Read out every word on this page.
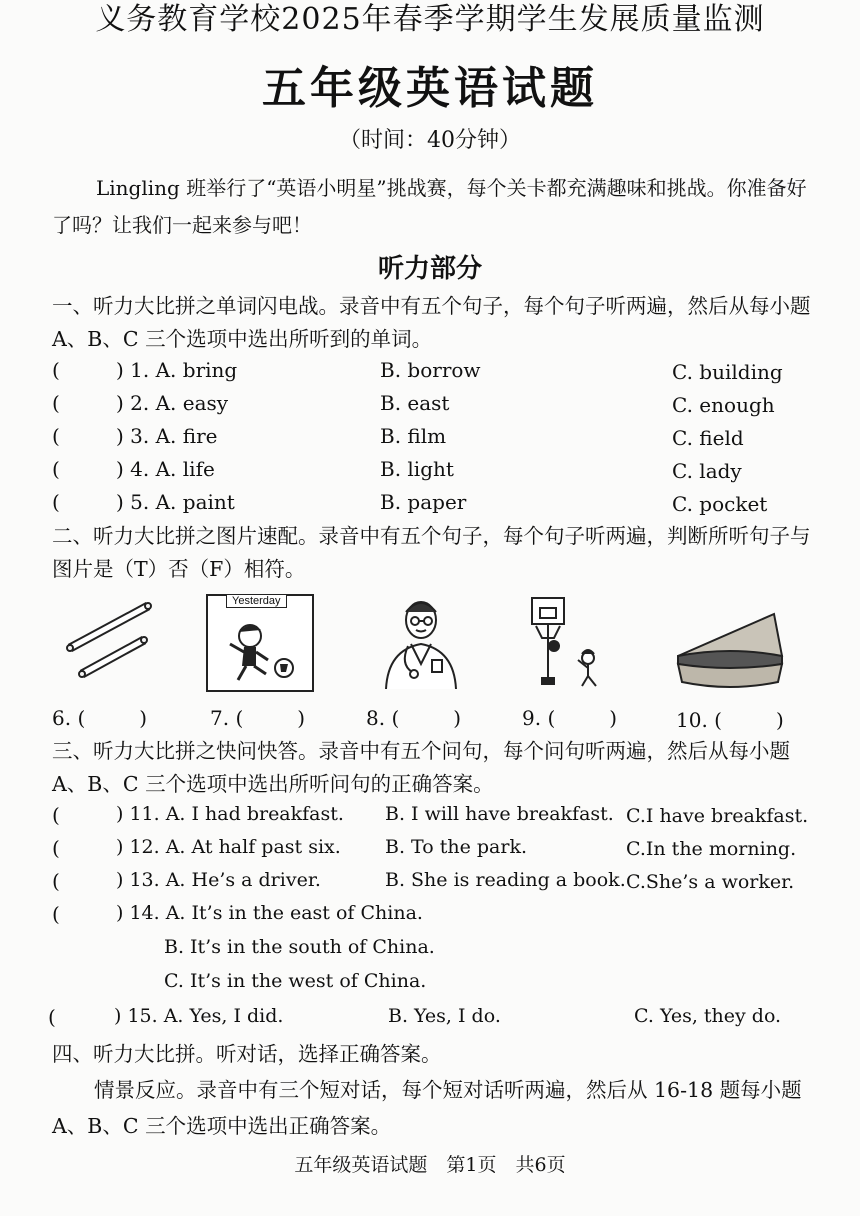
义务教育学校2025年春季学期学生发展质量监测
五年级英语试题
（时间：40分钟）
Lingling 班举行了“英语小明星”挑战赛，每个关卡都充满趣味和挑战。你准备好了吗？让我们一起来参与吧！
听力部分
一、听力大比拼之单词闪电战。录音中有五个句子，每个句子听两遍，然后从每小题 A、B、C 三个选项中选出所听到的单词。
(	) 1. A. bring	B. borrow	C. building
(	) 2. A. easy	B. east	C. enough
(	) 3. A. fire	B. film	C. field
(	) 4. A. life	B. light	C. lady
(	) 5. A. paint	B. paper	C. pocket
二、听力大比拼之图片速配。录音中有五个句子，每个句子听两遍，判断所听句子与图片是（T）否（F）相符。
Yesterday
6. (	)	7. (	)	8. (	)	9. (	)	10. (	)
三、听力大比拼之快问快答。录音中有五个问句，每个问句听两遍，然后从每小题 A、B、C 三个选项中选出所听问句的正确答案。
(	) 11. A. I had breakfast. B. I will have breakfast. C.I have breakfast.
(	) 12. A. At half past six. B. To the park.	C.In the morning.
(	) 13. A. He’s a driver.	B. She is reading a book. C.She’s a worker.
(	) 14. A. It’s in the east of China.
B. It’s in the south of China.
C. It’s in the west of China.
(	) 15. A. Yes, I did.	B. Yes, I do.	C. Yes, they do.
四、听力大比拼。听对话，选择正确答案。
情景反应。录音中有三个短对话，每个短对话听两遍，然后从 16-18 题每小题 A、B、C 三个选项中选出正确答案。
五年级英语试题　第1页　共6页
